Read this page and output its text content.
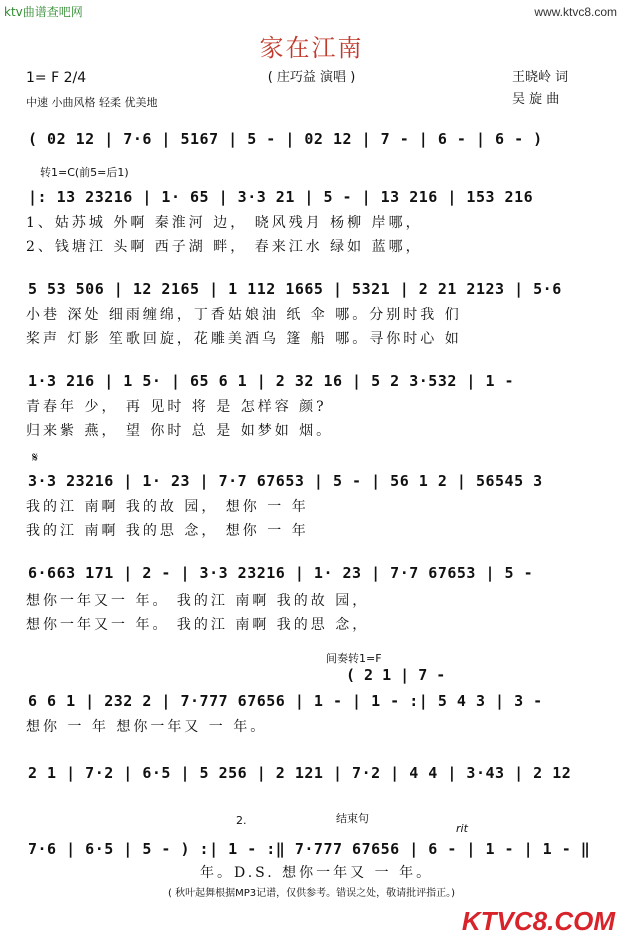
ktv曲谱查吧网	www.ktvc8.com
家在江南
( 庄巧益 演唱 )
1= F 2/4
中速 小曲风格 轻柔 优美地
王晓岭 词
吴 旋 曲
( 02 12 | 7·6 | 5167 | 5 - | 02 12 | 7 - | 6 - | 6 - )
转1=C(前5=后1)
|: 13 23216 | 1· 65 | 3·3 21 | 5 - | 13 216 | 153 216
1、姑苏城 外啊 秦淮河 边， 晓风残月 杨柳 岸哪，
2、钱塘江 头啊 西子湖 畔， 春来江水 绿如 蓝哪，
5 53 506 | 12 2165 | 1 112 1665 | 5321 | 2 21 2123 | 5·6
小巷 深处 细雨缠绵，丁香姑娘油 纸 伞 哪。分别时我 们
桨声 灯影 笙歌回旋，花雕美酒乌 篷 船 哪。寻你时心 如
1·3 216 | 1 5· | 65 6 1 | 2 32 16 | 5 2 3·532 | 1 -
青春年 少， 再 见时 将 是 怎样容 颜?
归来紫 燕， 望 你时 总 是 如梦如 烟。
𝄋
3·3 23216 | 1· 23 | 7·7 67653 | 5 - | 56 1 2 | 56545 3
我的江 南啊 我的故 园， 想你 一 年
我的江 南啊 我的思 念， 想你 一 年
6·663 171 | 2 - | 3·3 23216 | 1· 23 | 7·7 67653 | 5 -
想你一年又一 年。 我的江 南啊 我的故 园，
想你一年又一 年。 我的江 南啊 我的思 念，
间奏转1=F
( 2 1 | 7 -
6 6 1 | 232 2 | 7·777 67656 | 1 - | 1 - :| 5 4 3 | 3 -
想你 一 年 想你一年又 一 年。
2 1 | 7·2 | 6·5 | 5 256 | 2 121 | 7·2 | 4 4 | 3·43 | 2 12
2.	结束句
rit
7·6 | 6·5 | 5 - ) :| 1 - :‖ 7·777 67656 | 6 - | 1 - | 1 - ‖
年。D.S. 想你一年又 一 年。
( 秋叶起舞根据MP3记谱，仅供参考。错误之处，敬请批评指正。)
KTVC8.COM
